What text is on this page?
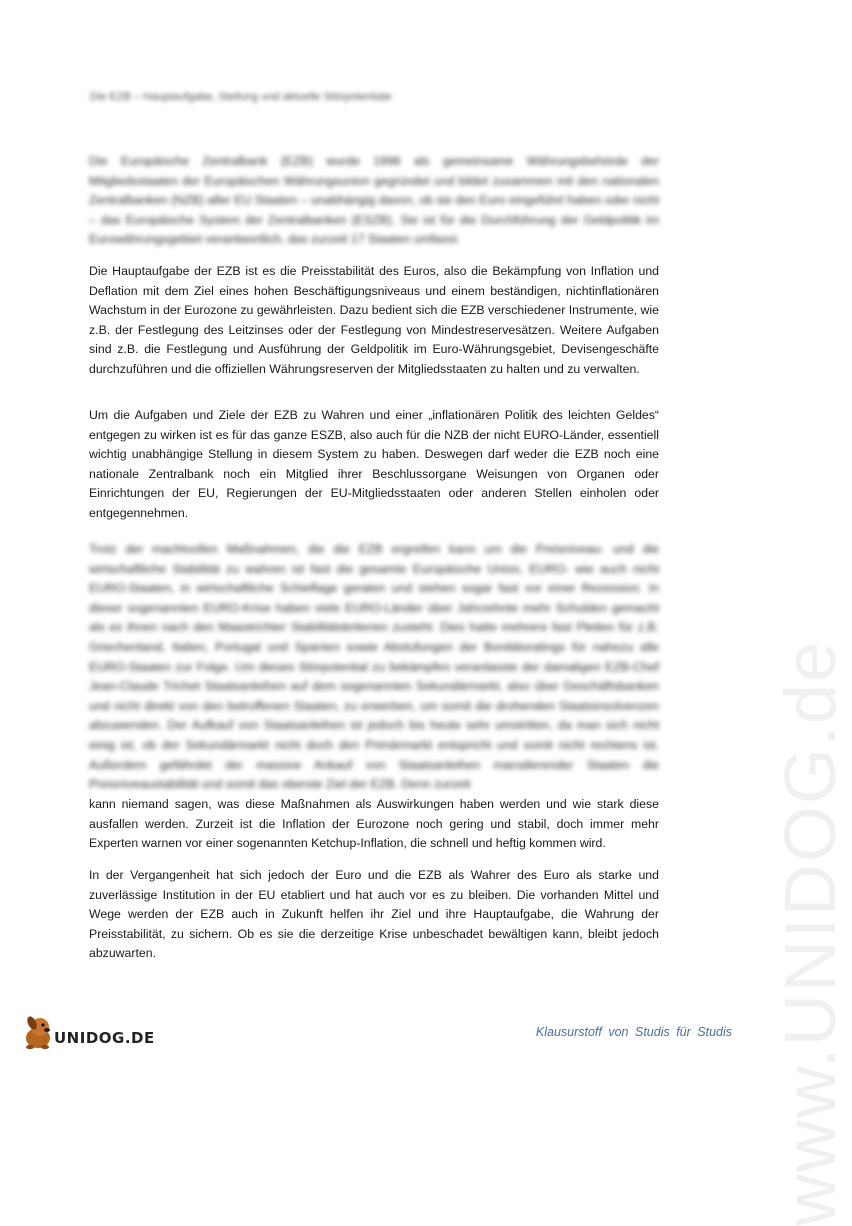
www.UNIDOG.de
Die EZB – Hauptaufgabe, Stellung und aktuelle Störpotentiale

Die Europäische Zentralbank (EZB) wurde 1998 als gemeinsame Währungsbehörde der Mitgliedsstaaten der Europäischen Währungsunion gegründet und bildet zusammen mit den nationalen Zentralbanken (NZB) aller EU Staaten – unabhängig davon, ob sie den Euro eingeführt haben oder nicht – das Europäische System der Zentralbanken (ESZB). Sie ist für die Durchführung der Geldpolitik im Eurowährungsgebiet verantwortlich, das zurzeit 17 Staaten umfasst.

Die Hauptaufgabe der EZB ist es die Preisstabilität des Euros, also die Bekämpfung von Inflation und Deflation mit dem Ziel eines hohen Beschäftigungsniveaus und einem beständigen, nichtinflationären Wachstum in der Eurozone zu gewährleisten. Dazu bedient sich die EZB verschiedener Instrumente, wie z.B. der Festlegung des Leitzinses oder der Festlegung von Mindestreservesätzen. Weitere Aufgaben sind z.B. die Festlegung und Ausführung der Geldpolitik im Euro-Währungsgebiet, Devisengeschäfte durchzuführen und die offiziellen Währungsreserven der Mitgliedsstaaten zu halten und zu verwalten.

Um die Aufgaben und Ziele der EZB zu Wahren und einer „inflationären Politik des leichten Geldes“ entgegen zu wirken ist es für das ganze ESZB, also auch für die NZB der nicht EURO-Länder, essentiell wichtig unabhängige Stellung in diesem System zu haben. Deswegen darf weder die EZB noch eine nationale Zentralbank noch ein Mitglied ihrer Beschlussorgane Weisungen von Organen oder Einrichtungen der EU, Regierungen der EU-Mitgliedsstaaten oder anderen Stellen einholen oder entgegennehmen.

Trotz der machtvollen Maßnahmen, die die EZB ergreifen kann um die Preisniveau- und die wirtschaftliche Stabilität zu wahren ist fast die gesamte Europäische Union, EURO- wie auch nicht EURO-Staaten, in wirtschaftliche Schieflage geraten und stehen sogar fast vor einer Rezession. In dieser sogenannten EURO-Krise haben viele EURO-Länder über Jahrzehnte mehr Schulden gemacht als es ihnen nach den Maastrichter Stabilitätskriterien zusteht. Dies hatte mehrere fast Pleiten für z.B. Griechenland, Italien, Portugal und Spanien sowie Abstufungen der Bonitätsratings für nahezu alle EURO-Staaten zur Folge. Um dieses Störpotential zu bekämpfen veranlasste der damaligen EZB-Chef Jean-Claude Trichet Staatsanleihen auf dem sogenannten Sekundärmarkt, also über Geschäftsbanken und nicht direkt von den betroffenen Staaten, zu erwerben, um somit die drohenden Staatsinsolvenzen abzuwenden. Der Aufkauf von Staatsanleihen ist jedoch bis heute sehr umstritten, da man sich nicht einig ist, ob der Sekundärmarkt nicht doch den Primärmarkt entspricht und somit nicht rechtens ist. Außerdem gefährdet der massive Ankauf von Staatsanleihen marodierender Staaten die Preisniveaustabilität und somit das oberste Ziel der EZB. Denn zurzeit

kann niemand sagen, was diese Maßnahmen als Auswirkungen haben werden und wie stark diese ausfallen werden. Zurzeit ist die Inflation der Eurozone noch gering und stabil, doch immer mehr Experten warnen vor einer sogenannten Ketchup-Inflation, die schnell und heftig kommen wird.

In der Vergangenheit hat sich jedoch der Euro und die EZB als Wahrer des Euro als starke und zuverlässige Institution in der EU etabliert und hat auch vor es zu bleiben. Die vorhanden Mittel und Wege werden der EZB auch in Zukunft helfen ihr Ziel und ihre Hauptaufgabe, die Wahrung der Preisstabilität, zu sichern. Ob es sie die derzeitige Krise unbeschadet bewältigen kann, bleibt jedoch abzuwarten.

UNIDOG.DE	Klausurstoff von Studis für Studis
